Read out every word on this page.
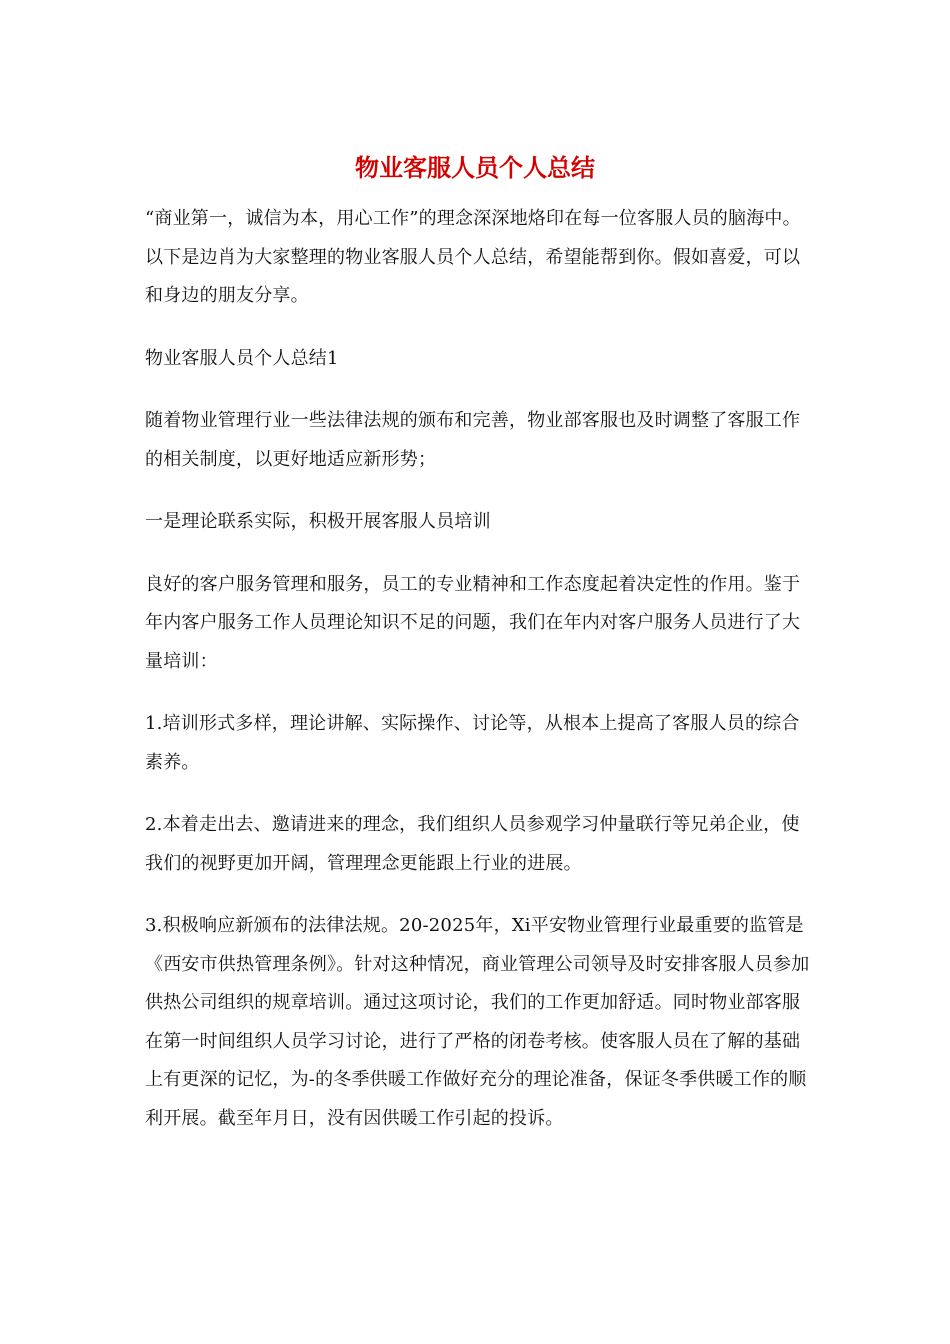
物业客服人员个人总结

“商业第一，诚信为本，用心工作”的理念深深地烙印在每一位客服人员的脑海中。以下是边肖为大家整理的物业客服人员个人总结，希望能帮到你。假如喜爱，可以和身边的朋友分享。

物业客服人员个人总结1

随着物业管理行业一些法律法规的颁布和完善，物业部客服也及时调整了客服工作的相关制度，以更好地适应新形势；

一是理论联系实际，积极开展客服人员培训

良好的客户服务管理和服务，员工的专业精神和工作态度起着决定性的作用。鉴于年内客户服务工作人员理论知识不足的问题，我们在年内对客户服务人员进行了大量培训：

1.培训形式多样，理论讲解、实际操作、讨论等，从根本上提高了客服人员的综合素养。

2.本着走出去、邀请进来的理念，我们组织人员参观学习仲量联行等兄弟企业，使我们的视野更加开阔，管理理念更能跟上行业的进展。

3.积极响应新颁布的法律法规。20-2025年，Xi平安物业管理行业最重要的监管是《西安市供热管理条例》。针对这种情况，商业管理公司领导及时安排客服人员参加供热公司组织的规章培训。通过这项讨论，我们的工作更加舒适。同时物业部客服在第一时间组织人员学习讨论，进行了严格的闭卷考核。使客服人员在了解的基础上有更深的记忆，为-的冬季供暖工作做好充分的理论准备，保证冬季供暖工作的顺利开展。截至年月日，没有因供暖工作引起的投诉。
